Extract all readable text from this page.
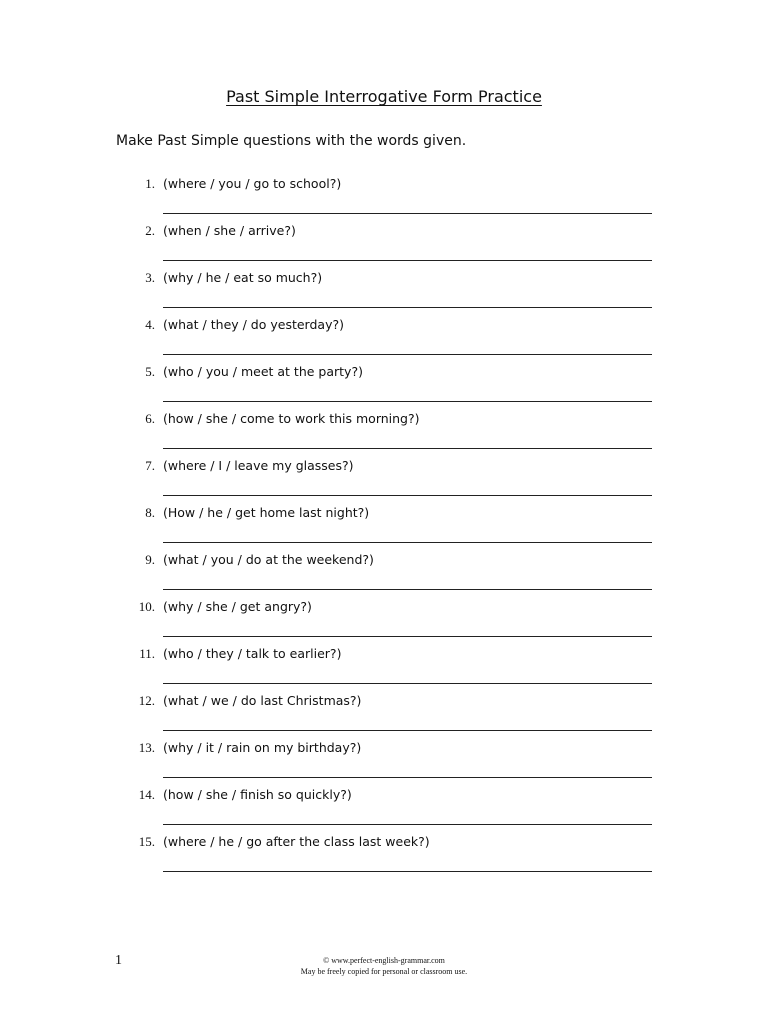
Past Simple Interrogative Form Practice
Make Past Simple questions with the words given.
1. (where / you / go to school?)
2. (when / she / arrive?)
3. (why / he / eat so much?)
4. (what / they / do yesterday?)
5. (who / you / meet at the party?)
6. (how / she / come to work this morning?)
7. (where / I / leave my glasses?)
8. (How / he / get home last night?)
9. (what / you / do at the weekend?)
10. (why / she / get angry?)
11. (who / they / talk to earlier?)
12. (what / we / do last Christmas?)
13. (why / it / rain on my birthday?)
14. (how / she / finish so quickly?)
15. (where / he / go after the class last week?)
1	© www.perfect-english-grammar.com
May be freely copied for personal or classroom use.
